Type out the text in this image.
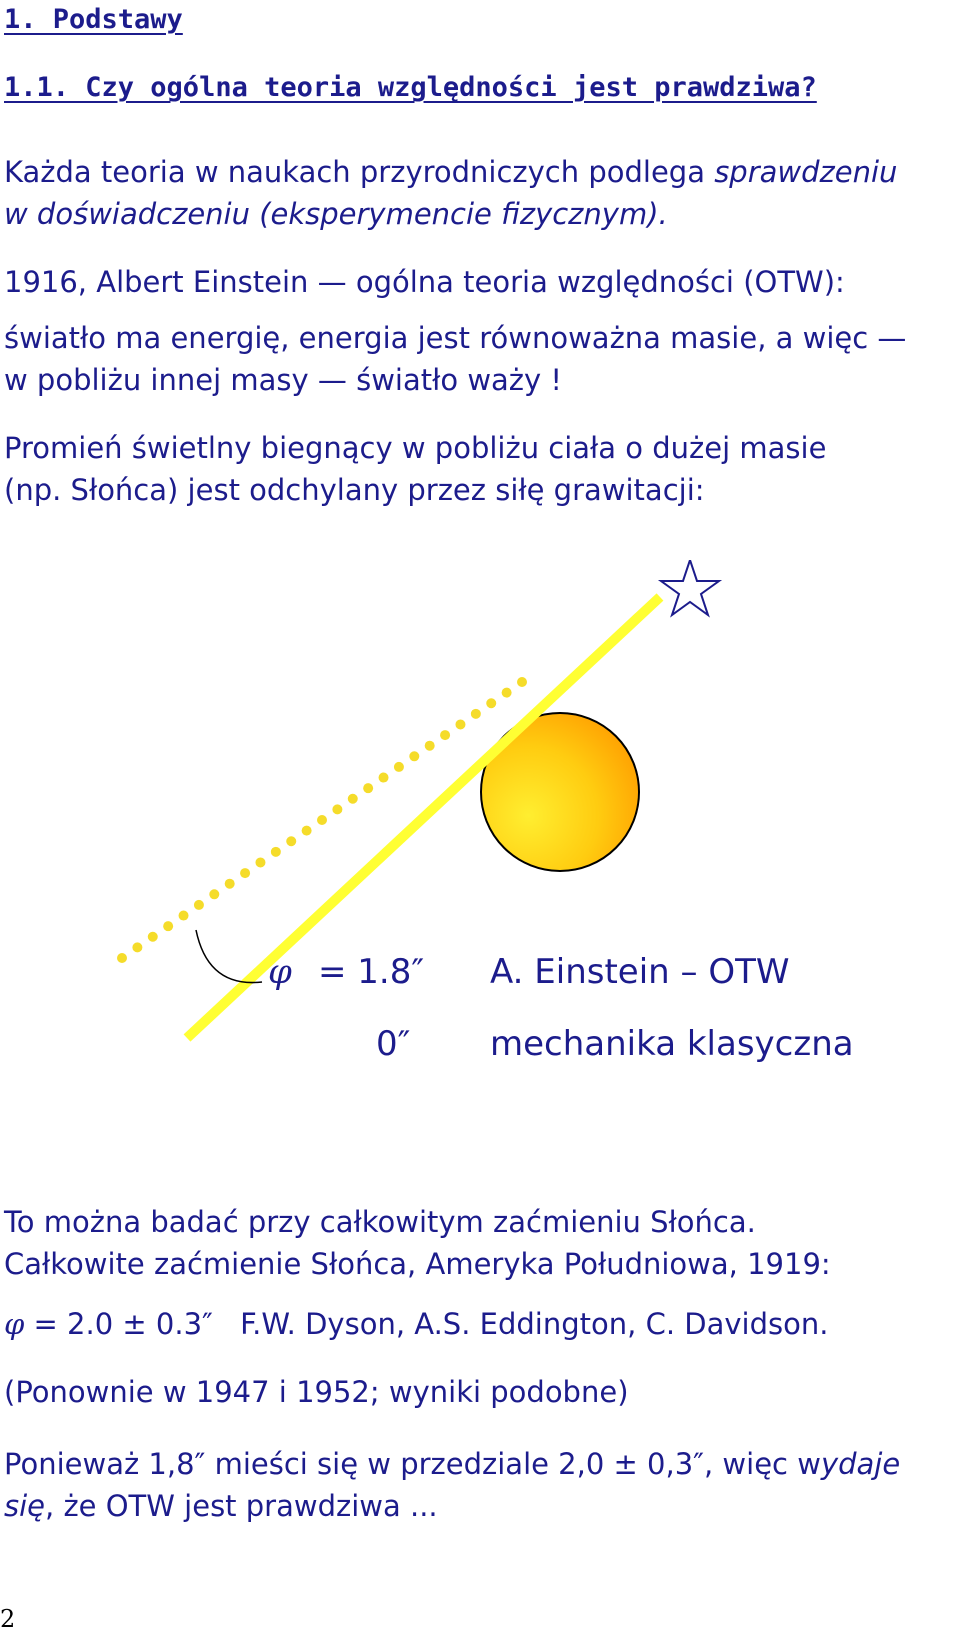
1. Podstawy
1.1. Czy ogólna teoria względności jest prawdziwa?
Każda teoria w naukach przyrodniczych podlega sprawdzeniu
w doświadczeniu (eksperymencie fizycznym).
1916, Albert Einstein — ogólna teoria względności (OTW):
światło ma energię, energia jest równoważna masie, a więc —
w pobliżu innej masy — światło waży !
Promień świetlny biegnący w pobliżu ciała o dużej masie
(np. Słońca) jest odchylany przez siłę grawitacji:
φ = 1.8″ A. Einstein – OTW
0″ mechanika klasyczna
To można badać przy całkowitym zaćmieniu Słońca.
Całkowite zaćmienie Słońca, Ameryka Południowa, 1919:
φ = 2.0 ± 0.3″ F.W. Dyson, A.S. Eddington, C. Davidson.
(Ponownie w 1947 i 1952; wyniki podobne)
Ponieważ 1,8″ mieści się w przedziale 2,0 ± 0,3″, więc wydaje
się, że OTW jest prawdziwa ...
2
